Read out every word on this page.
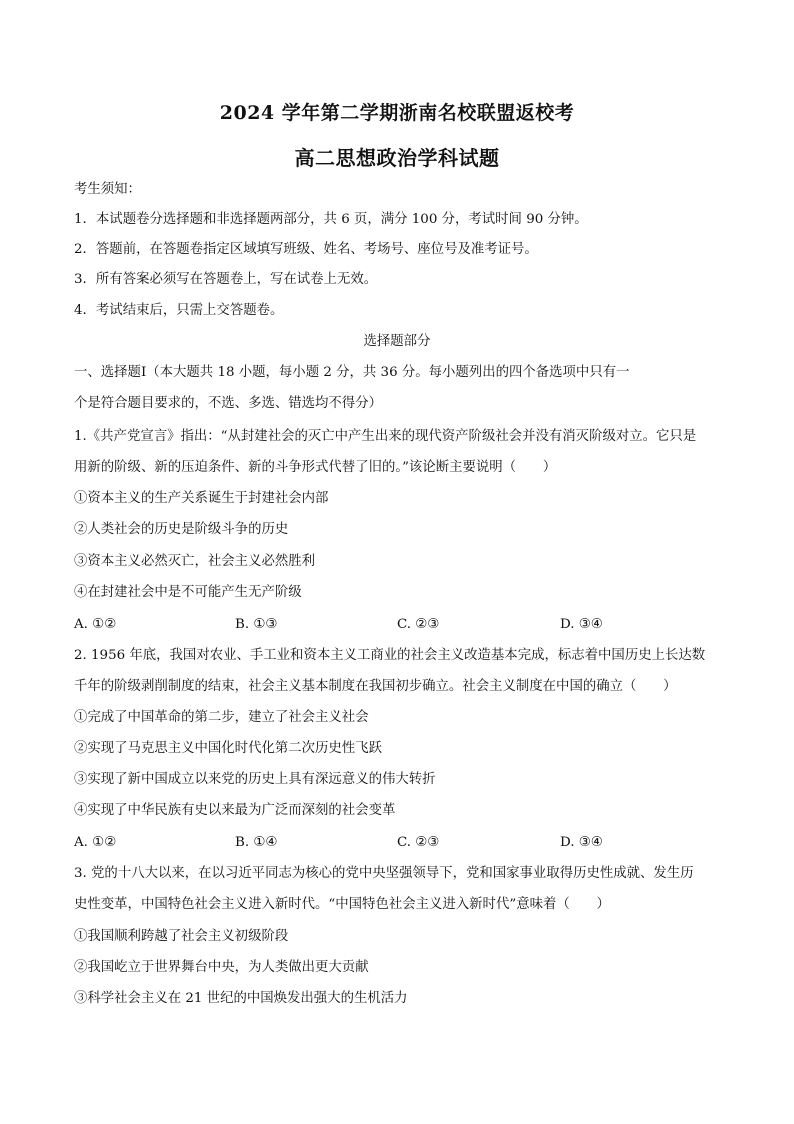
2024 学年第二学期浙南名校联盟返校考
高二思想政治学科试题
考生须知：
1．本试题卷分选择题和非选择题两部分，共 6 页，满分 100 分，考试时间 90 分钟。
2．答题前，在答题卷指定区域填写班级、姓名、考场号、座位号及准考证号。
3．所有答案必须写在答题卷上，写在试卷上无效。
4．考试结束后，只需上交答题卷。
选择题部分
一、选择题Ⅰ（本大题共 18 小题，每小题 2 分，共 36 分。每小题列出的四个备选项中只有一
个是符合题目要求的，不选、多选、错选均不得分）
1.《共产党宣言》指出：“从封建社会的灭亡中产生出来的现代资产阶级社会并没有消灭阶级对立。它只是
用新的阶级、新的压迫条件、新的斗争形式代替了旧的。”该论断主要说明（　　）
①资本主义的生产关系诞生于封建社会内部
②人类社会的历史是阶级斗争的历史
③资本主义必然灭亡，社会主义必然胜利
④在封建社会中是不可能产生无产阶级
A. ①②	B. ①③	C. ②③	D. ③④
2. 1956 年底，我国对农业、手工业和资本主义工商业的社会主义改造基本完成，标志着中国历史上长达数
千年的阶级剥削制度的结束，社会主义基本制度在我国初步确立。社会主义制度在中国的确立（　　）
①完成了中国革命的第二步，建立了社会主义社会
②实现了马克思主义中国化时代化第二次历史性飞跃
③实现了新中国成立以来党的历史上具有深远意义的伟大转折
④实现了中华民族有史以来最为广泛而深刻的社会变革
A. ①②	B. ①④	C. ②③	D. ③④
3. 党的十八大以来，在以习近平同志为核心的党中央坚强领导下，党和国家事业取得历史性成就、发生历
史性变革，中国特色社会主义进入新时代。“中国特色社会主义进入新时代”意味着（　　）
①我国顺利跨越了社会主义初级阶段
②我国屹立于世界舞台中央，为人类做出更大贡献
③科学社会主义在 21 世纪的中国焕发出强大的生机活力
